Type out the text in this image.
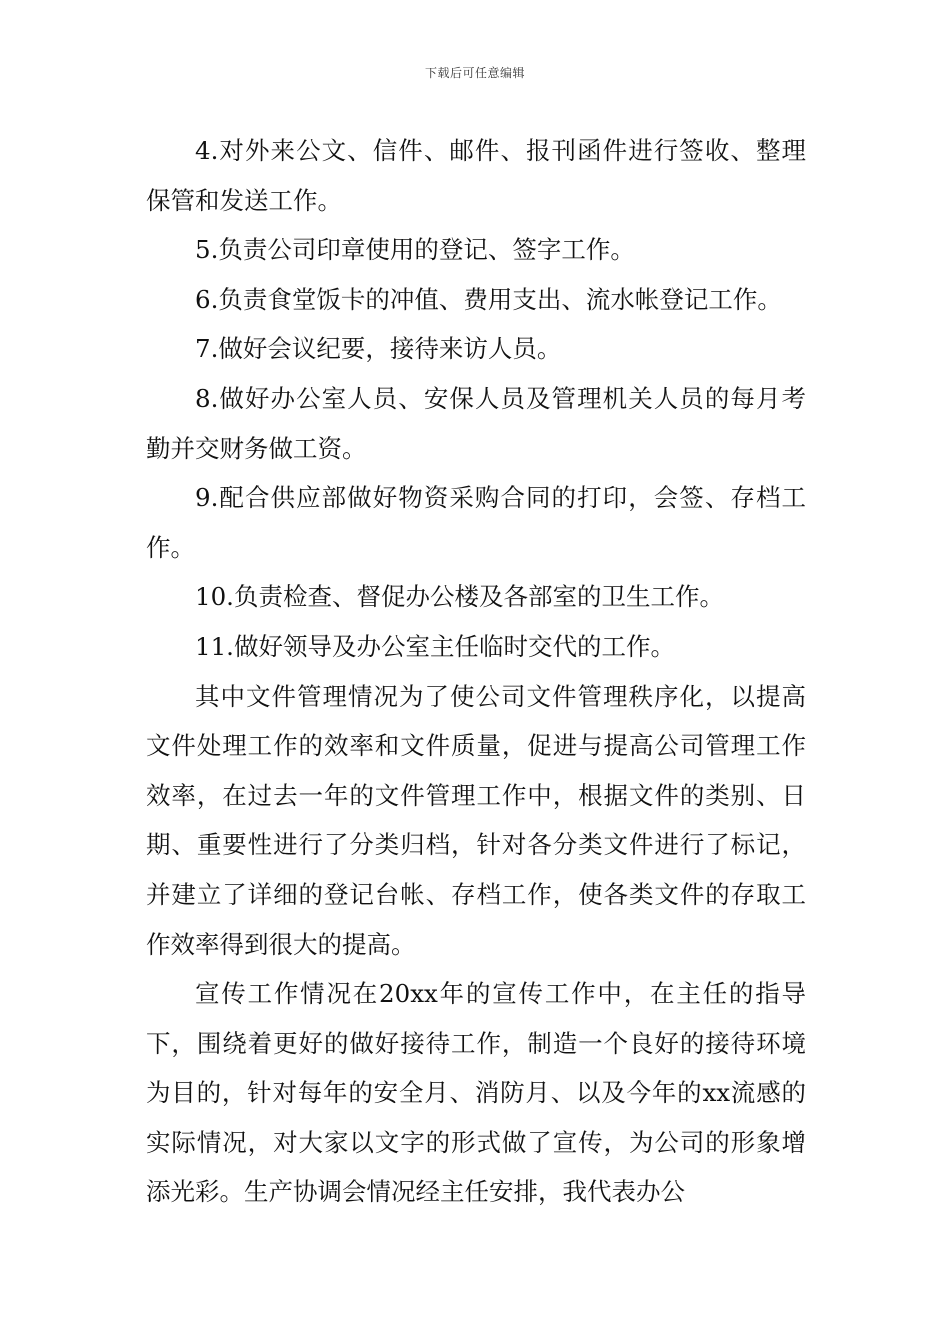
下载后可任意编辑

4.对外来公文、信件、邮件、报刊函件进行签收、整理保管和发送工作。

5.负责公司印章使用的登记、签字工作。

6.负责食堂饭卡的冲值、费用支出、流水帐登记工作。

7.做好会议纪要，接待来访人员。

8.做好办公室人员、安保人员及管理机关人员的每月考勤并交财务做工资。

9.配合供应部做好物资采购合同的打印，会签、存档工作。

10.负责检查、督促办公楼及各部室的卫生工作。

11.做好领导及办公室主任临时交代的工作。

其中文件管理情况为了使公司文件管理秩序化，以提高文件处理工作的效率和文件质量，促进与提高公司管理工作效率，在过去一年的文件管理工作中，根据文件的类别、日期、重要性进行了分类归档，针对各分类文件进行了标记，并建立了详细的登记台帐、存档工作，使各类文件的存取工作效率得到很大的提高。

宣传工作情况在20xx年的宣传工作中，在主任的指导下，围绕着更好的做好接待工作，制造一个良好的接待环境为目的，针对每年的安全月、消防月、以及今年的xx流感的实际情况，对大家以文字的形式做了宣传，为公司的形象增添光彩。生产协调会情况经主任安排，我代表办公
